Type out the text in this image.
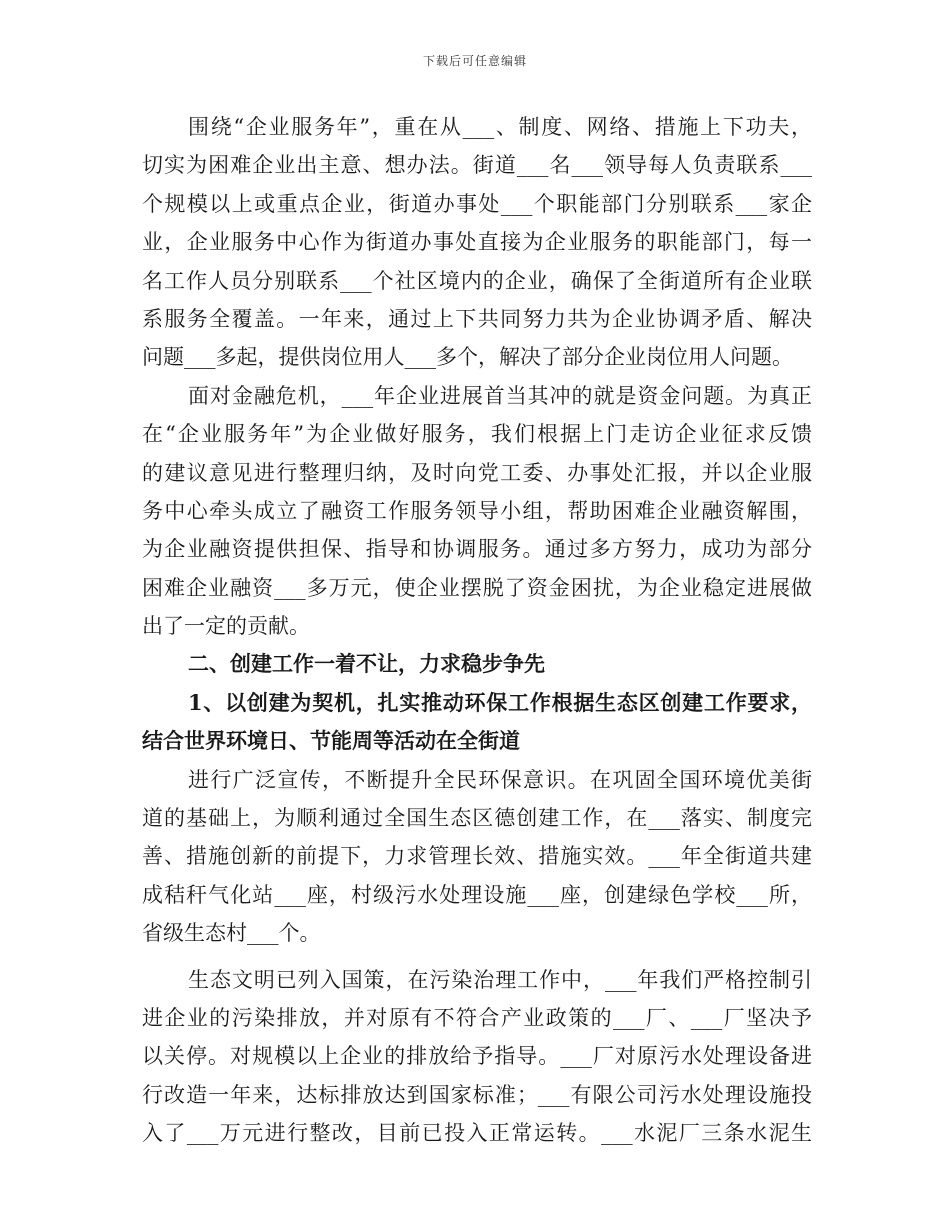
下载后可任意编辑
围绕“企业服务年”，重在从___、制度、网络、措施上下功夫，
切实为困难企业出主意、想办法。街道___名___领导每人负责联系___
个规模以上或重点企业，街道办事处___个职能部门分别联系___家企
业，企业服务中心作为街道办事处直接为企业服务的职能部门，每一
名工作人员分别联系___个社区境内的企业，确保了全街道所有企业联
系服务全覆盖。一年来，通过上下共同努力共为企业协调矛盾、解决
问题___多起，提供岗位用人___多个，解决了部分企业岗位用人问题。
面对金融危机，___年企业进展首当其冲的就是资金问题。为真正
在“企业服务年”为企业做好服务，我们根据上门走访企业征求反馈
的建议意见进行整理归纳，及时向党工委、办事处汇报，并以企业服
务中心牵头成立了融资工作服务领导小组，帮助困难企业融资解围，
为企业融资提供担保、指导和协调服务。通过多方努力，成功为部分
困难企业融资___多万元，使企业摆脱了资金困扰，为企业稳定进展做
出了一定的贡献。
二、创建工作一着不让，力求稳步争先
1、以创建为契机，扎实推动环保工作根据生态区创建工作要求，
结合世界环境日、节能周等活动在全街道
进行广泛宣传，不断提升全民环保意识。在巩固全国环境优美街
道的基础上，为顺利通过全国生态区德创建工作，在___落实、制度完
善、措施创新的前提下，力求管理长效、措施实效。___年全街道共建
成秸秆气化站___座，村级污水处理设施___座，创建绿色学校___所，
省级生态村___个。
生态文明已列入国策，在污染治理工作中，___年我们严格控制引
进企业的污染排放，并对原有不符合产业政策的___厂、___厂坚决予
以关停。对规模以上企业的排放给予指导。___厂对原污水处理设备进
行改造一年来，达标排放达到国家标准；___有限公司污水处理设施投
入了___万元进行整改，目前已投入正常运转。___水泥厂三条水泥生
